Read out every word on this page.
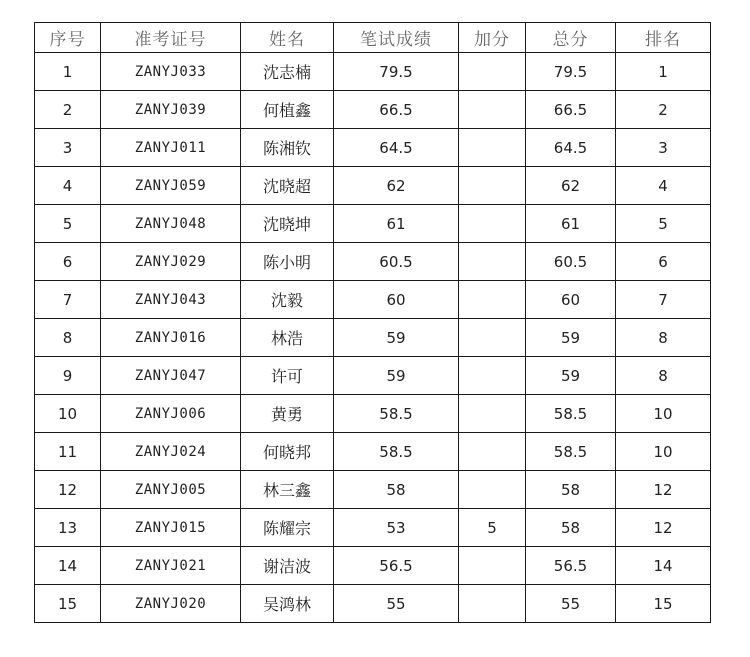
序号	准考证号	姓名	笔试成绩	加分	总分	排名
1	ZANYJ033	沈志楠	79.5		79.5	1
2	ZANYJ039	何植鑫	66.5		66.5	2
3	ZANYJ011	陈湘钦	64.5		64.5	3
4	ZANYJ059	沈晓超	62		62	4
5	ZANYJ048	沈晓坤	61		61	5
6	ZANYJ029	陈小明	60.5		60.5	6
7	ZANYJ043	沈毅	60		60	7
8	ZANYJ016	林浩	59		59	8
9	ZANYJ047	许可	59		59	8
10	ZANYJ006	黄勇	58.5		58.5	10
11	ZANYJ024	何晓邦	58.5		58.5	10
12	ZANYJ005	林三鑫	58		58	12
13	ZANYJ015	陈耀宗	53	5	58	12
14	ZANYJ021	谢洁波	56.5		56.5	14
15	ZANYJ020	吴鸿林	55		55	15
